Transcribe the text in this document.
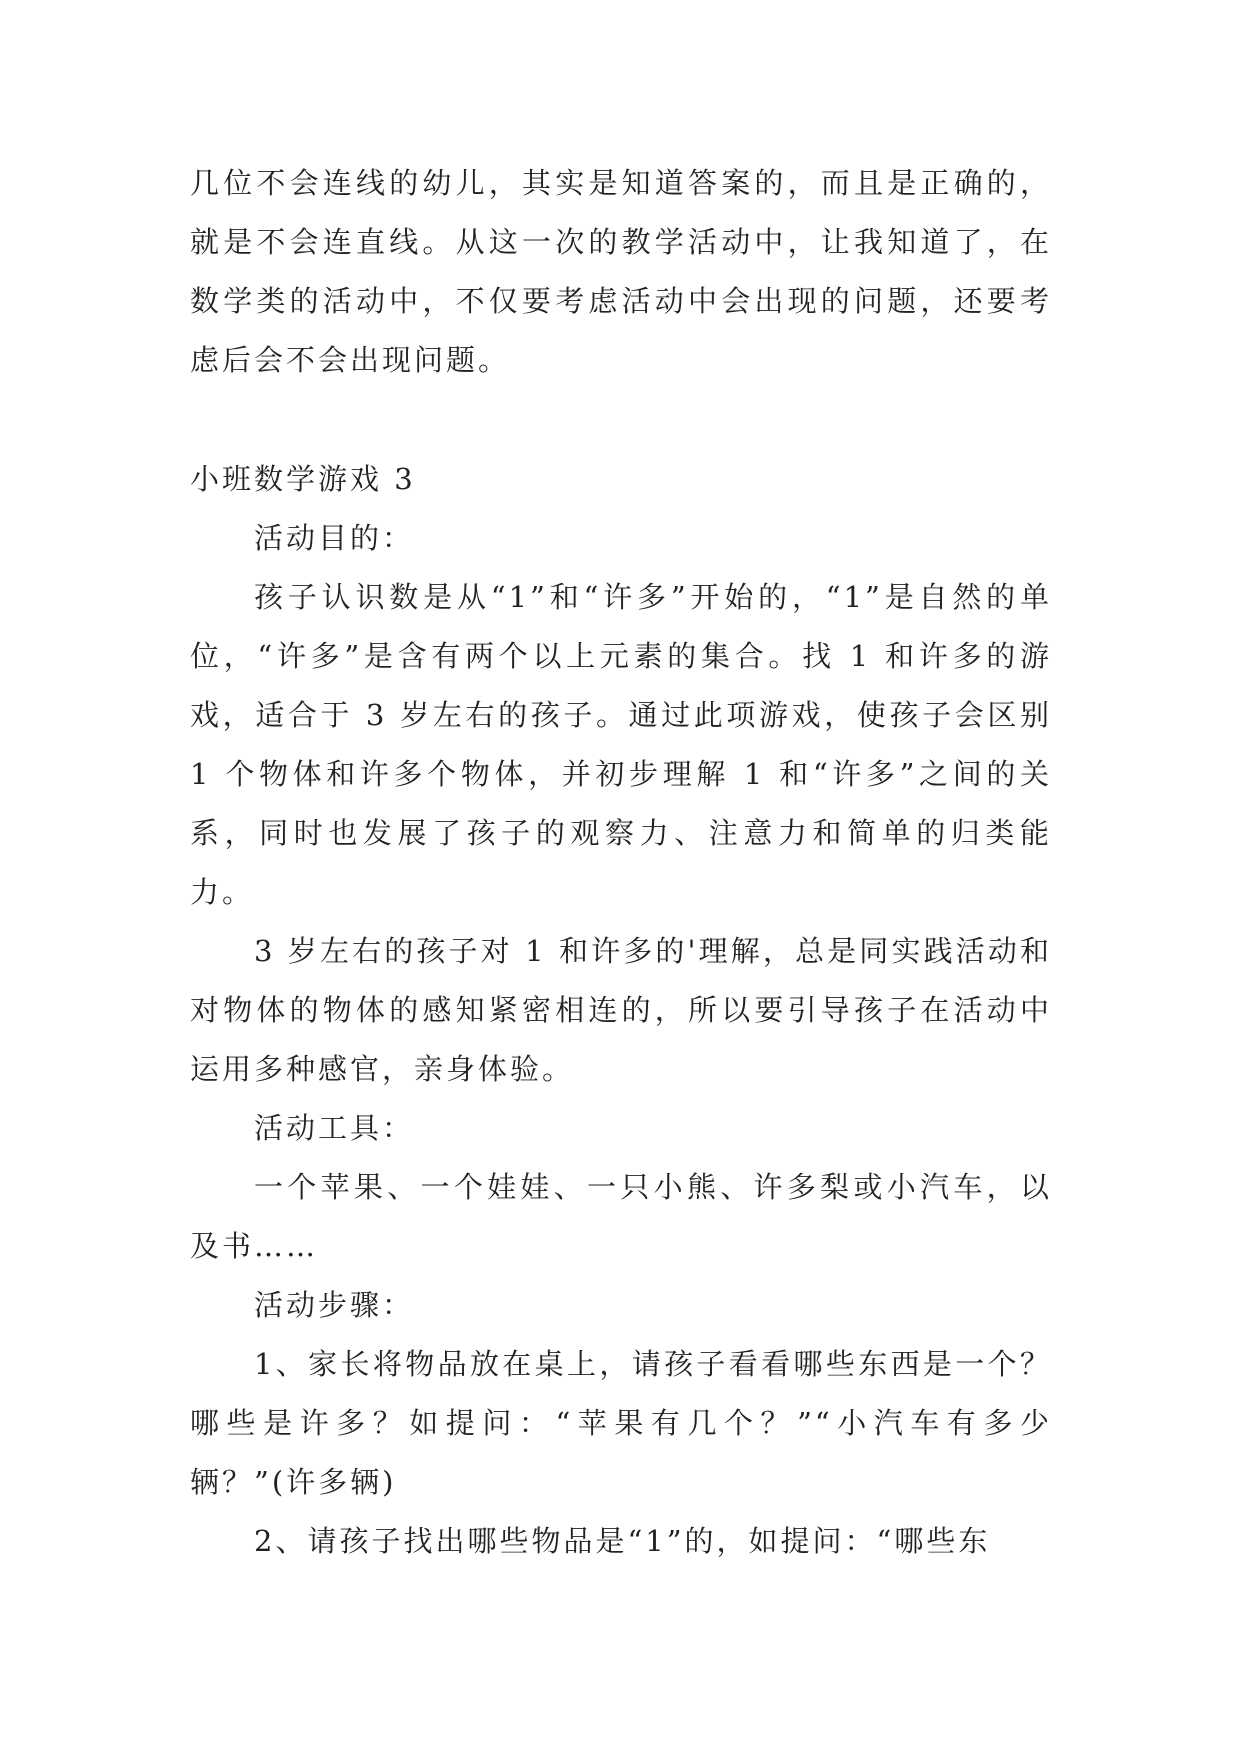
几位不会连线的幼儿，其实是知道答案的，而且是正确的，就是不会连直线。从这一次的教学活动中，让我知道了，在数学类的活动中，不仅要考虑活动中会出现的问题，还要考虑后会不会出现问题。

小班数学游戏 3

活动目的：

孩子认识数是从“1”和“许多”开始的，“1”是自然的单位，“许多”是含有两个以上元素的集合。找 1 和许多的游戏，适合于 3 岁左右的孩子。通过此项游戏，使孩子会区别 1 个物体和许多个物体，并初步理解 1 和“许多”之间的关系，同时也发展了孩子的观察力、注意力和简单的归类能力。

3 岁左右的孩子对 1 和许多的'理解，总是同实践活动和对物体的物体的感知紧密相连的，所以要引导孩子在活动中运用多种感官，亲身体验。

活动工具：

一个苹果、一个娃娃、一只小熊、许多梨或小汽车，以及书……

活动步骤：

1、家长将物品放在桌上，请孩子看看哪些东西是一个？哪些是许多？如提问：“苹果有几个？”“小汽车有多少辆？”(许多辆)

2、请孩子找出哪些物品是“1”的，如提问：“哪些东
